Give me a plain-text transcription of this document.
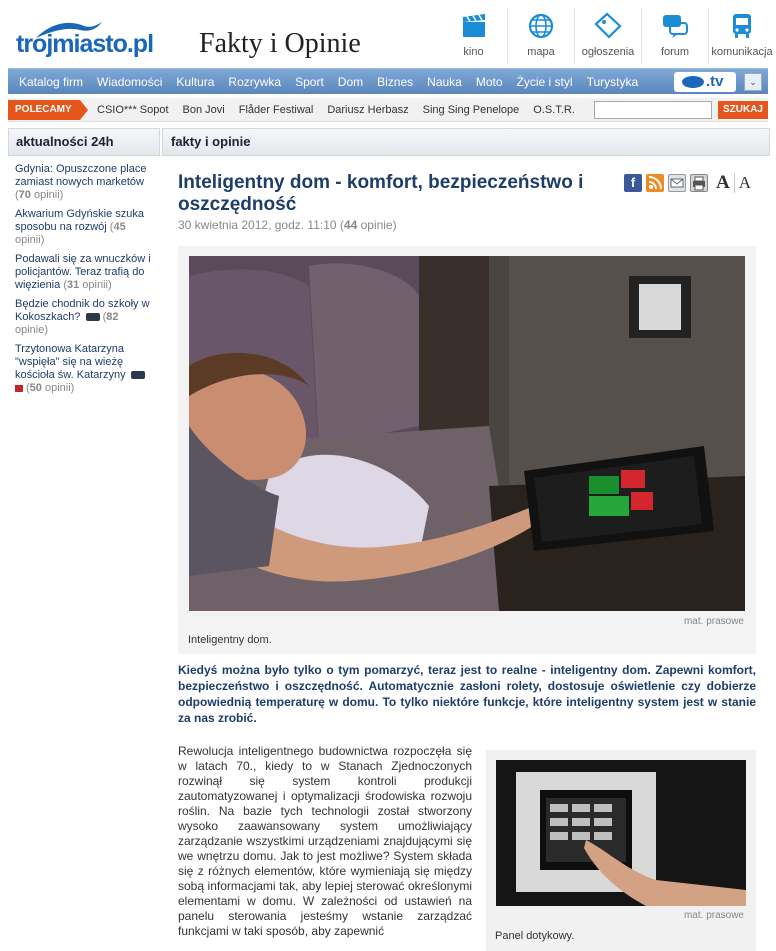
trojmiasto.pl Fakty i Opinie	kino	mapa	ogłoszenia	forum	komunikacja
Katalog firm	Wiadomości	Kultura	Rozrywka	Sport	Dom	Biznes	Nauka	Moto	Życie i styl	Turystyka	.tv	⌄
POLECAMY	CSIO*** Sopot	Bon Jovi	Flåder Festiwal	Dariusz Herbasz	Sing Sing Penelope	O.S.T.R.	SZUKAJ
aktualności 24h
Gdynia: Opuszczone place zamiast nowych marketów (70 opinii)
Akwarium Gdyńskie szuka sposobu na rozwój (45 opinii)
Podawali się za wnuczków i policjantów. Teraz trafią do więzienia (31 opinii)
Będzie chodnik do szkoły w Kokoszkach? (82 opinie)
Trzytonowa Katarzyna "wspięła" się na wieżę kościoła św. Katarzyny
(50 opinii)
fakty i opinie
Inteligentny dom - komfort, bezpieczeństwo i oszczędność
30 kwietnia 2012, godz. 11:10 (44 opinie)
f	A A
mat. prasowe
Inteligentny dom.

Kiedyś można było tylko o tym pomarzyć, teraz jest to realne - inteligentny dom. Zapewni komfort, bezpieczeństwo i oszczędność. Automatycznie zasłoni rolety, dostosuje oświetlenie czy dobierze odpowiednią temperaturę w domu. To tylko niektóre funkcje, które inteligentny system jest w stanie za nas zrobić.

Rewolucja inteligentnego budownictwa rozpoczęła się w latach 70., kiedy to w Stanach Zjednoczonych rozwinął się system kontroli produkcji zautomatyzowanej i optymalizacji środowiska rozwoju roślin. Na bazie tych technologii został stworzony wysoko zaawansowany system umożliwiający zarządzanie wszystkimi urządzeniami znajdującymi się we wnętrzu domu. Jak to jest możliwe? System składa się z różnych elementów, które wymieniają się między sobą informacjami tak, aby lepiej sterować określonymi elementami w domu. W zależności od ustawień na panelu sterowania jesteśmy wstanie zarządzać funkcjami w taki sposób, aby zapewnić

mat. prasowe
Panel dotykowy.
